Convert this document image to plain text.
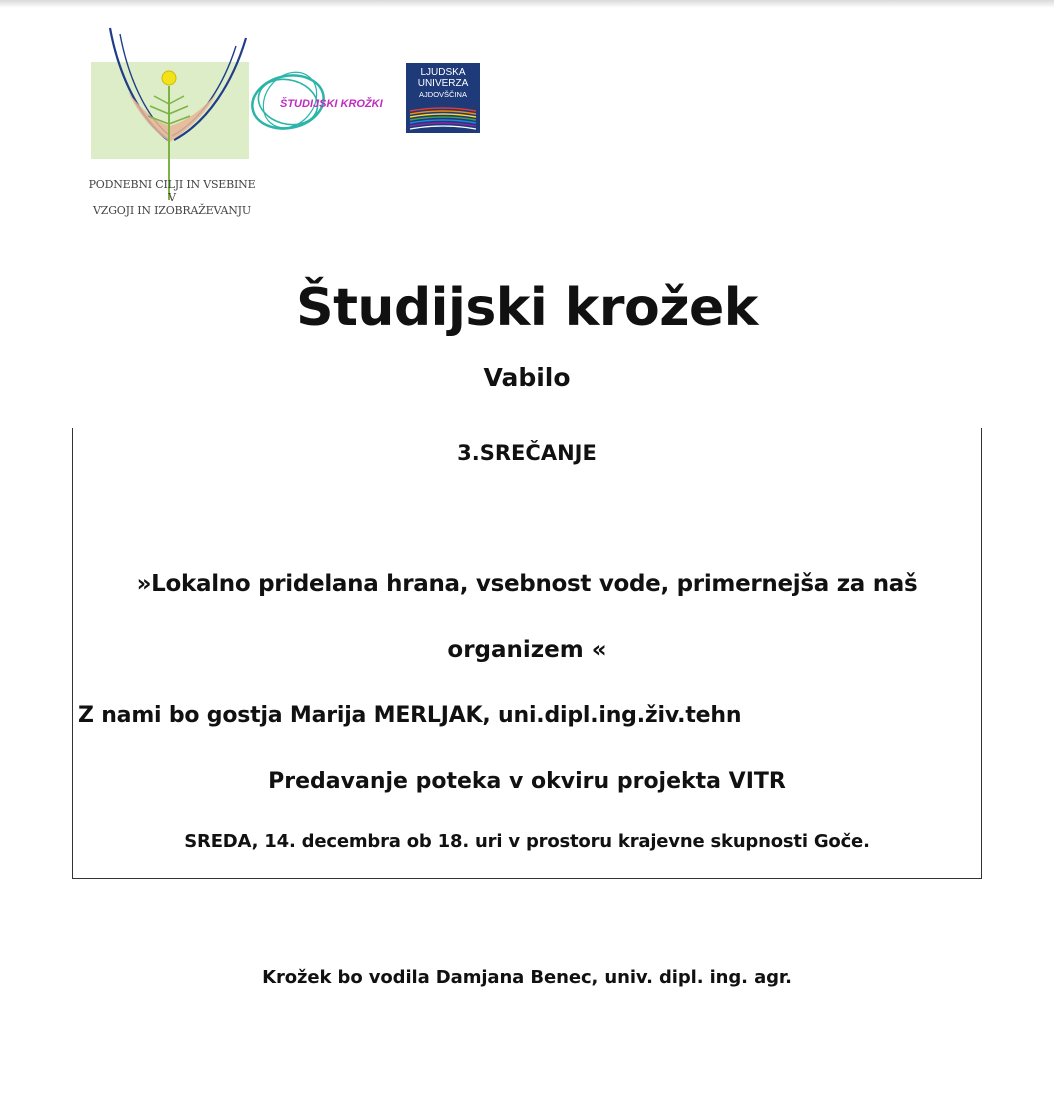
PODNEBNI CILJI IN VSEBINE V
VZGOJI IN IZOBRAŽEVANJU
ŠTUDIJSKI KROŽKI
LJUDSKA
UNIVERZA
AJDOVŠČINA
Študijski krožek
Vabilo
3.SREČANJE
»Lokalno pridelana hrana, vsebnost vode, primernejša za naš
organizem «
Z nami bo gostja Marija MERLJAK, uni.dipl.ing.živ.tehn
Predavanje poteka v okviru projekta VITR
SREDA, 14. decembra ob 18. uri v prostoru krajevne skupnosti Goče.
Krožek bo vodila Damjana Benec, univ. dipl. ing. agr.
